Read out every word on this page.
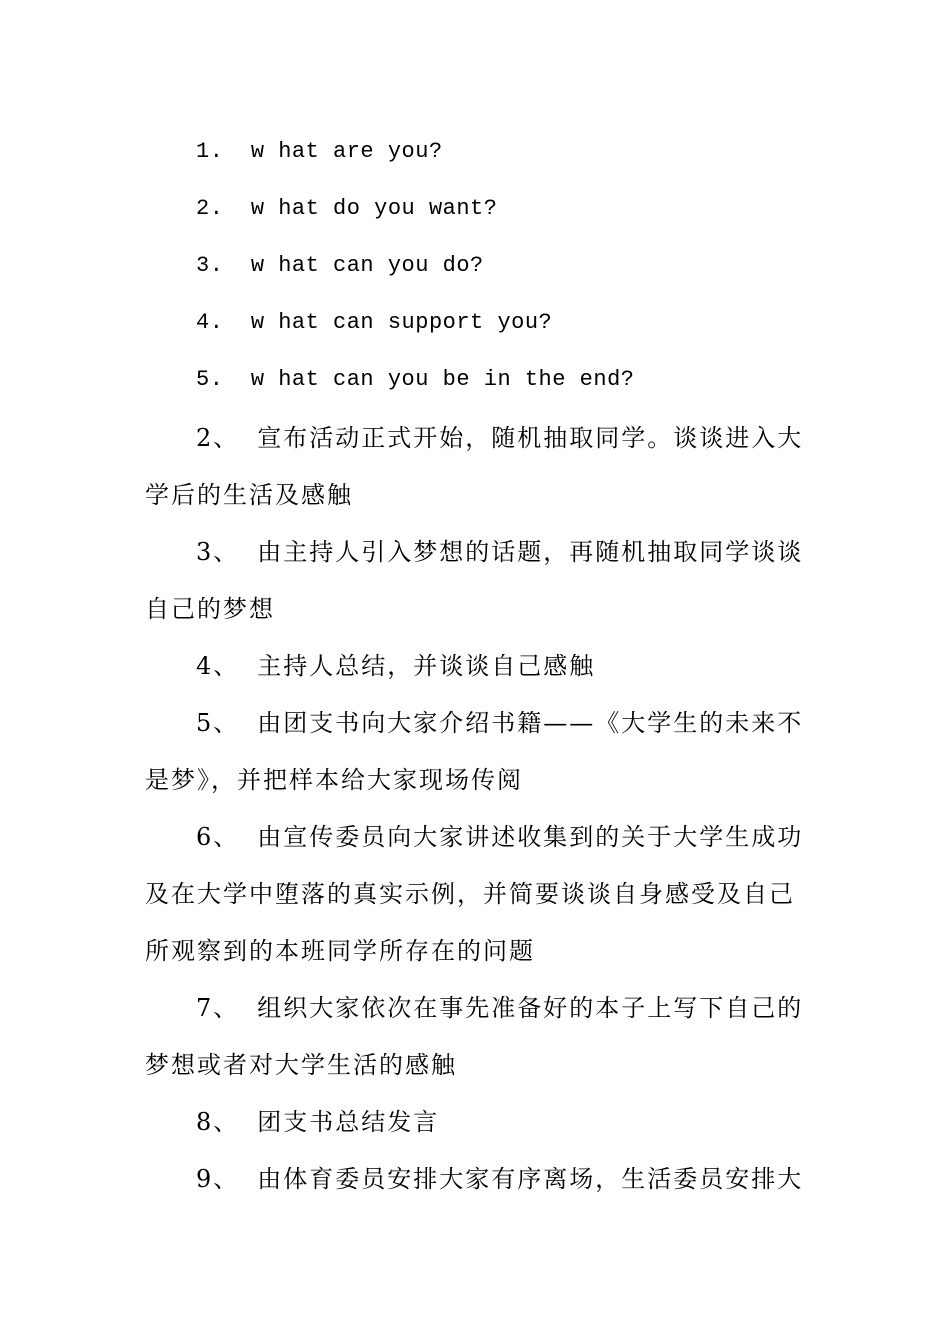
1. w hat are you?
2. w hat do you want?
3. w hat can you do?
4. w hat can support you?
5. w hat can you be in the end?
2、 宣布活动正式开始，随机抽取同学。谈谈进入大学后的生活及感触
3、 由主持人引入梦想的话题，再随机抽取同学谈谈自己的梦想
4、 主持人总结，并谈谈自己感触
5、 由团支书向大家介绍书籍——《大学生的未来不是梦》，并把样本给大家现场传阅
6、 由宣传委员向大家讲述收集到的关于大学生成功及在大学中堕落的真实示例，并简要谈谈自身感受及自己所观察到的本班同学所存在的问题
7、 组织大家依次在事先准备好的本子上写下自己的梦想或者对大学生活的感触
8、 团支书总结发言
9、 由体育委员安排大家有序离场，生活委员安排大
